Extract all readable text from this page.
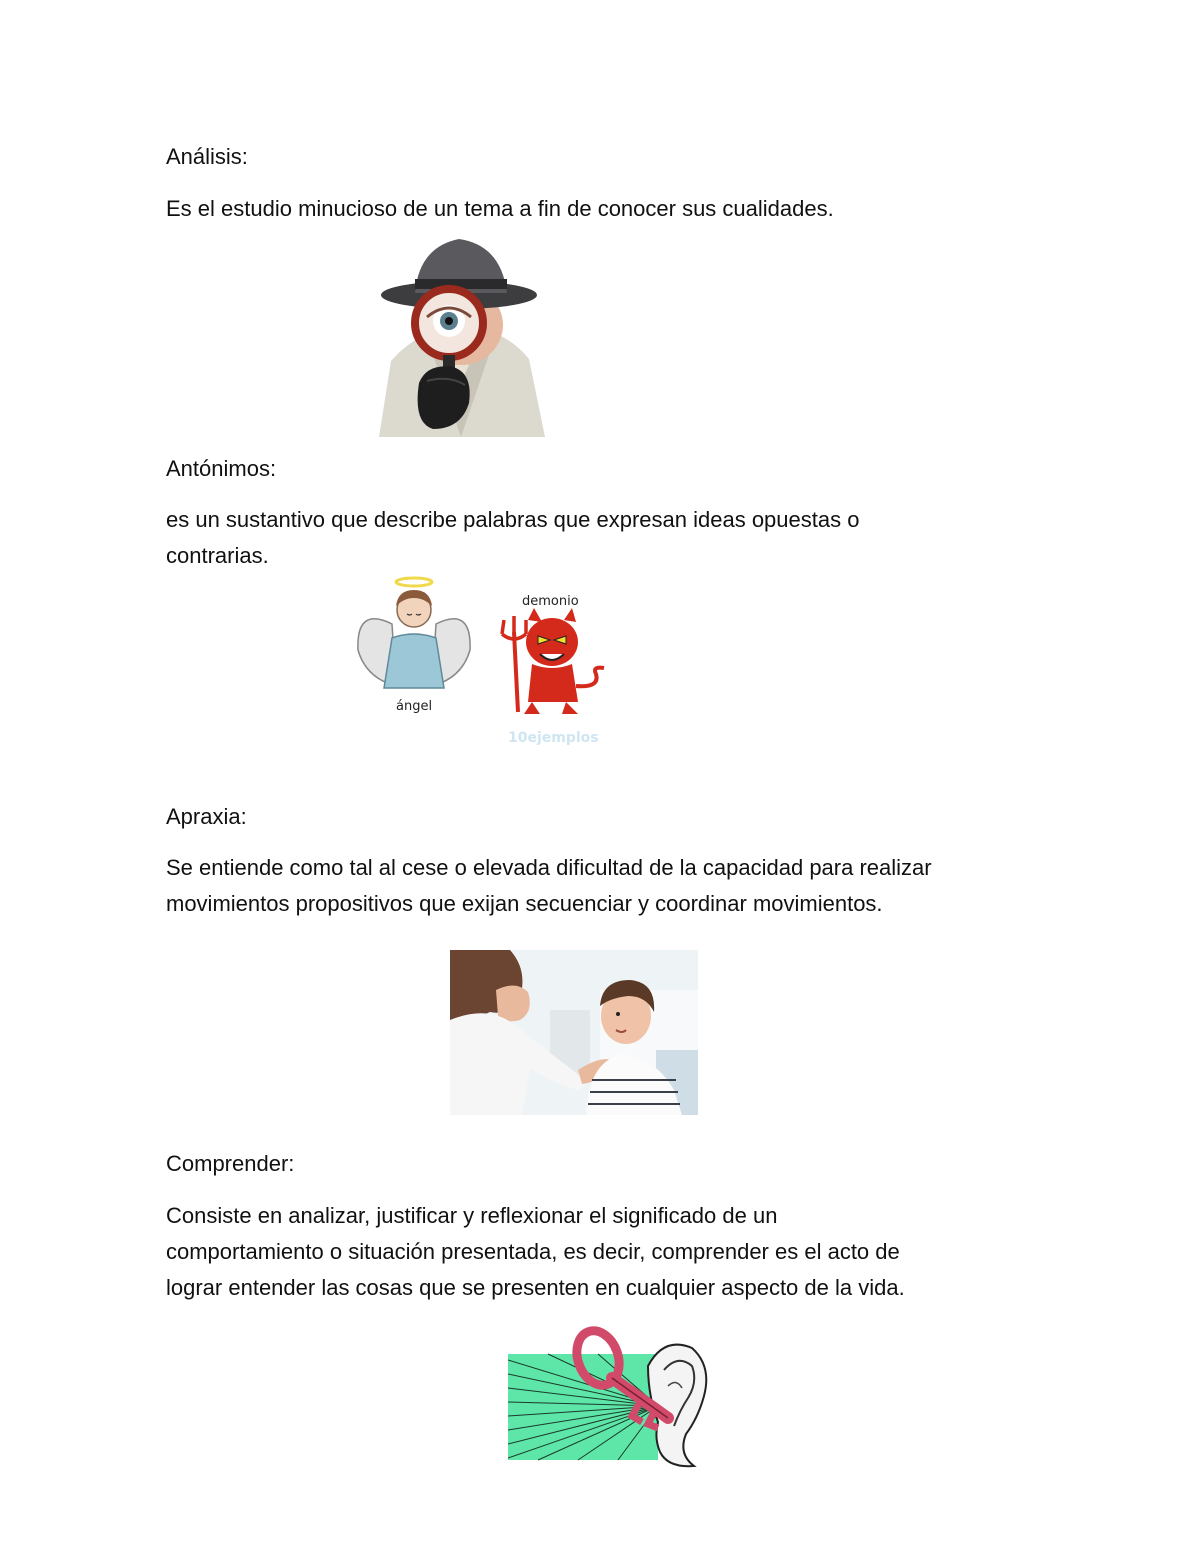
Análisis:

Es el estudio minucioso de un tema a fin de conocer sus cualidades.

Antónimos:

es un sustantivo que describe palabras que expresan ideas opuestas o

contrarias.

ángel
demonio
10ejemplos

Apraxia:

Se entiende como tal al cese o elevada dificultad de la capacidad para realizar

movimientos propositivos que exijan secuenciar y coordinar movimientos.

Comprender:

Consiste en analizar, justificar y reflexionar el significado de un

comportamiento o situación presentada, es decir, comprender es el acto de

lograr entender las cosas que se presenten en cualquier aspecto de la vida.
